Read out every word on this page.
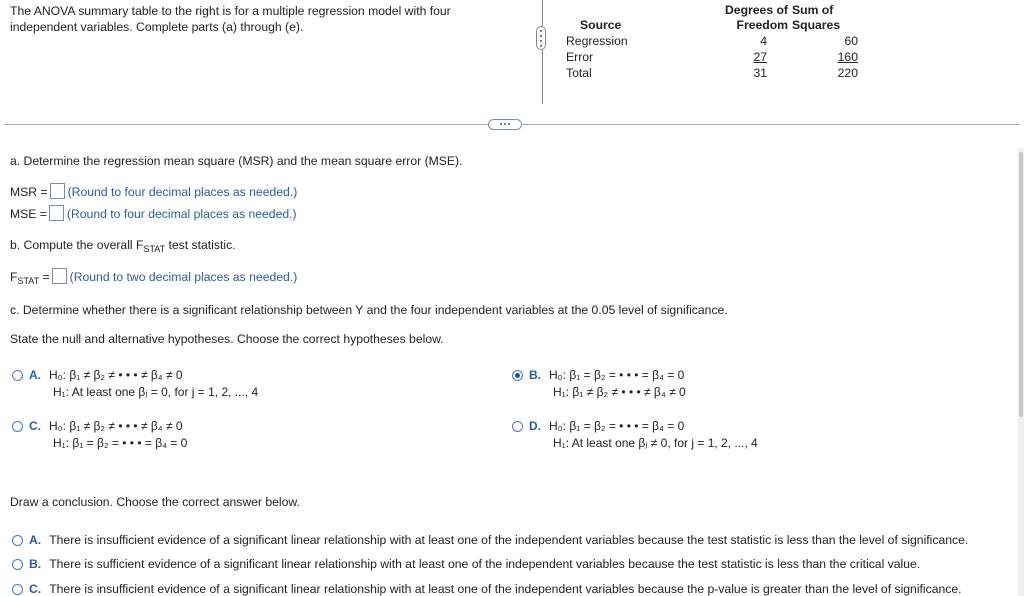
The ANOVA summary table to the right is for a multiple regression model with four
independent variables. Complete parts (a) through (e).
	Degrees of	Sum of
Source	Freedom	Squares
Regression	4	60
Error	27	160
Total	31	220
a. Determine the regression mean square (MSR) and the mean square error (MSE).
MSR = (Round to four decimal places as needed.)
MSE = (Round to four decimal places as needed.)
b. Compute the overall $F_{STAT}$ test statistic.
$F_{STAT}$ = (Round to two decimal places as needed.)
c. Determine whether there is a significant relationship between Y and the four independent variables at the 0.05 level of significance.
State the null and alternative hypotheses. Choose the correct hypotheses below.
A. H₀: β₁ ≠ β₂ ≠ • • • ≠ β₄ ≠ 0
H₁: At least one βⱼ = 0, for j = 1, 2, ..., 4
B. H₀: β₁ = β₂ = • • • = β₄ = 0
H₁: β₁ ≠ β₂ ≠ • • • ≠ β₄ ≠ 0
C. H₀: β₁ ≠ β₂ ≠ • • • ≠ β₄ ≠ 0
H₁: β₁ = β₂ = • • • = β₄ = 0
D. H₀: β₁ = β₂ = • • • = β₄ = 0
H₁: At least one βⱼ ≠ 0, for j = 1, 2, ..., 4
Draw a conclusion. Choose the correct answer below.
A. There is insufficient evidence of a significant linear relationship with at least one of the independent variables because the test statistic is less than the level of significance.
B. There is sufficient evidence of a significant linear relationship with at least one of the independent variables because the test statistic is less than the critical value.
C. There is insufficient evidence of a significant linear relationship with at least one of the independent variables because the p-value is greater than the level of significance.
